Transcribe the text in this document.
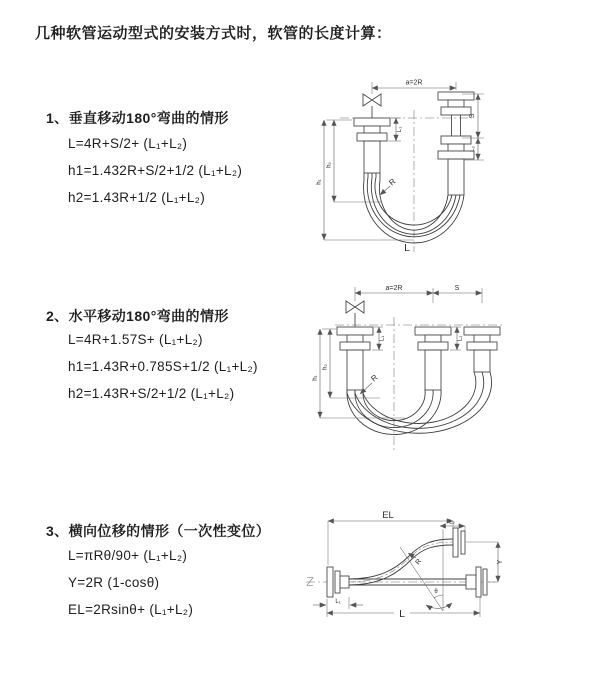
几种软管运动型式的安装方式时，软管的长度计算：
1、垂直移动180°弯曲的情形
L=4R+S/2+ (L₁+L₂)
h1=1.432R+S/2+1/2 (L₁+L₂)
h2=1.43R+1/2 (L₁+L₂)
2、水平移动180°弯曲的情形
L=4R+1.57S+ (L₁+L₂)
h1=1.43R+0.785S+1/2 (L₁+L₂)
h2=1.43R+S/2+1/2 (L₁+L₂)
3、横向位移的情形（一次性变位）
L=πRθ/90+ (L₁+L₂)
Y=2R (1-cosθ)
EL=2Rsinθ+ (L₁+L₂)
a=2R
S
L₂
L₁
h₁
h₂
R
L
a=2R	S
h₁
h₂
L₁	L₂
R
θ
R
EL
L₂
Y
L₁
L
